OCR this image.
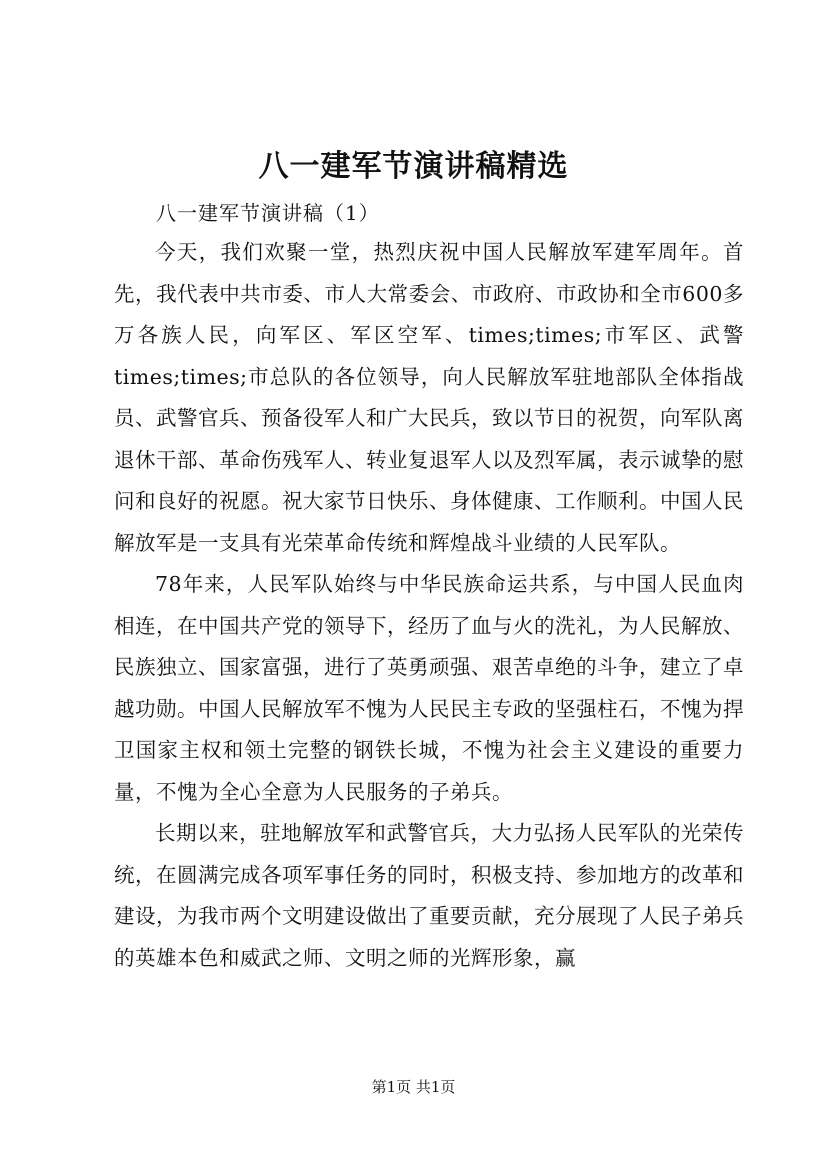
八一建军节演讲稿精选
八一建军节演讲稿（1）

今天，我们欢聚一堂，热烈庆祝中国人民解放军建军周年。首先，我代表中共市委、市人大常委会、市政府、市政协和全市600多万各族人民，向军区、军区空军、times;times;市军区、武警times;times;市总队的各位领导，向人民解放军驻地部队全体指战员、武警官兵、预备役军人和广大民兵，致以节日的祝贺，向军队离退休干部、革命伤残军人、转业复退军人以及烈军属，表示诚挚的慰问和良好的祝愿。祝大家节日快乐、身体健康、工作顺利。中国人民解放军是一支具有光荣革命传统和辉煌战斗业绩的人民军队。

78年来，人民军队始终与中华民族命运共系，与中国人民血肉相连，在中国共产党的领导下，经历了血与火的洗礼，为人民解放、民族独立、国家富强，进行了英勇顽强、艰苦卓绝的斗争，建立了卓越功勋。中国人民解放军不愧为人民民主专政的坚强柱石，不愧为捍卫国家主权和领土完整的钢铁长城，不愧为社会主义建设的重要力量，不愧为全心全意为人民服务的子弟兵。

长期以来，驻地解放军和武警官兵，大力弘扬人民军队的光荣传统，在圆满完成各项军事任务的同时，积极支持、参加地方的改革和建设，为我市两个文明建设做出了重要贡献，充分展现了人民子弟兵的英雄本色和威武之师、文明之师的光辉形象，赢

第1页 共1页
